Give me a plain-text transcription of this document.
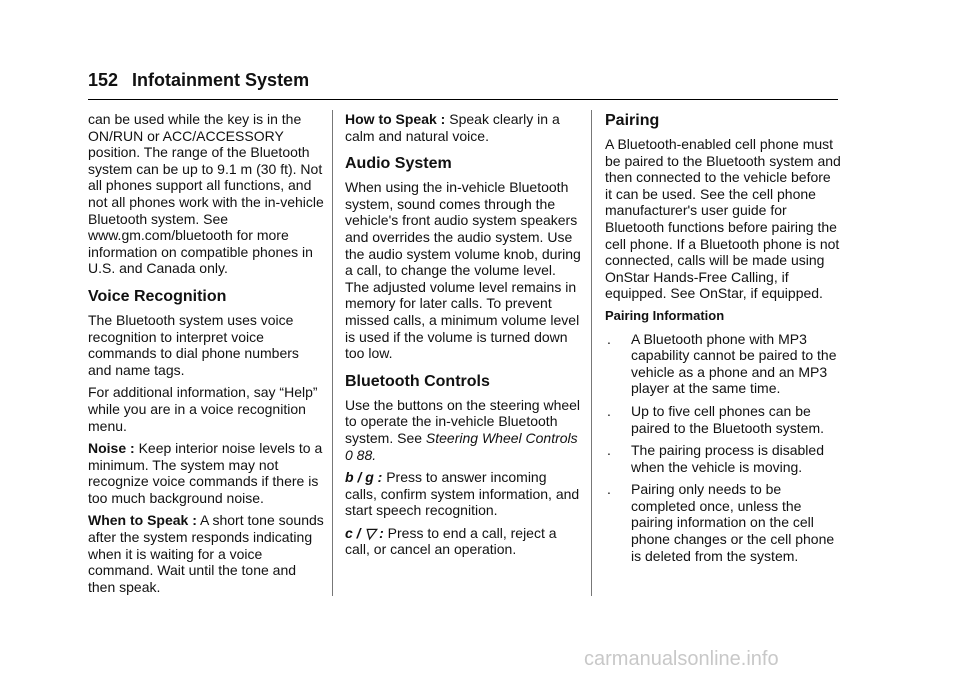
152 Infotainment System

can be used while the key is in the ON/RUN or ACC/ACCESSORY position. The range of the Bluetooth system can be up to 9.1 m (30 ft). Not all phones support all functions, and not all phones work with the in-vehicle Bluetooth system. See www.gm.com/bluetooth for more information on compatible phones in U.S. and Canada only.

Voice Recognition

The Bluetooth system uses voice recognition to interpret voice commands to dial phone numbers and name tags.

For additional information, say “Help” while you are in a voice recognition menu.

Noise : Keep interior noise levels to a minimum. The system may not recognize voice commands if there is too much background noise.

When to Speak : A short tone sounds after the system responds indicating when it is waiting for a voice command. Wait until the tone and then speak.

How to Speak : Speak clearly in a calm and natural voice.

Audio System

When using the in-vehicle Bluetooth system, sound comes through the vehicle's front audio system speakers and overrides the audio system. Use the audio system volume knob, during a call, to change the volume level. The adjusted volume level remains in memory for later calls. To prevent missed calls, a minimum volume level is used if the volume is turned down too low.

Bluetooth Controls

Use the buttons on the steering wheel to operate the in-vehicle Bluetooth system. See Steering Wheel Controls 0 88.

b / g : Press to answer incoming calls, confirm system information, and start speech recognition.

c / ▽ : Press to end a call, reject a call, or cancel an operation.

Pairing

A Bluetooth-enabled cell phone must be paired to the Bluetooth system and then connected to the vehicle before it can be used. See the cell phone manufacturer's user guide for Bluetooth functions before pairing the cell phone. If a Bluetooth phone is not connected, calls will be made using OnStar Hands-Free Calling, if equipped. See OnStar, if equipped.

Pairing Information
. A Bluetooth phone with MP3 capability cannot be paired to the vehicle as a phone and an MP3 player at the same time.
. Up to five cell phones can be paired to the Bluetooth system.
. The pairing process is disabled when the vehicle is moving.
. Pairing only needs to be completed once, unless the pairing information on the cell phone changes or the cell phone is deleted from the system.
carmanualsonline.info
